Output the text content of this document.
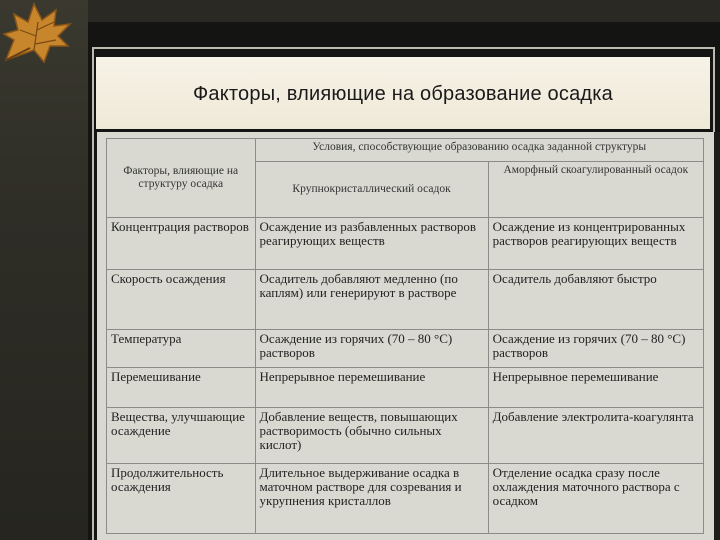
Факторы, влияющие на образование осадка
Факторы, влияющие на структуру осадка	Условия, способствующие образованию осадка заданной структуры	
	Крупнокристаллический осадок	Аморфный скоагулированный осадок
Концентрация растворов	Осаждение из разбавленных растворов реагирующих веществ	Осаждение из концентрированных растворов реагирующих веществ
Скорость осаждения	Осадитель добавляют медленно (по каплям) или генерируют в растворе	Осадитель добавляют быстро
Температура	Осаждение из горячих (70 – 80 °С) растворов	Осаждение из горячих (70 – 80 °С) растворов
Перемешивание	Непрерывное перемешивание	Непрерывное перемешивание
Вещества, улучшающие осаждение	Добавление веществ, повышающих растворимость (обычно сильных кислот)	Добавление электролита-коагулянта
Продолжительность осаждения	Длительное выдерживание осадка в маточном растворе для созревания и укрупнения кристаллов	Отделение осадка сразу после охлаждения маточного раствора с осадком
